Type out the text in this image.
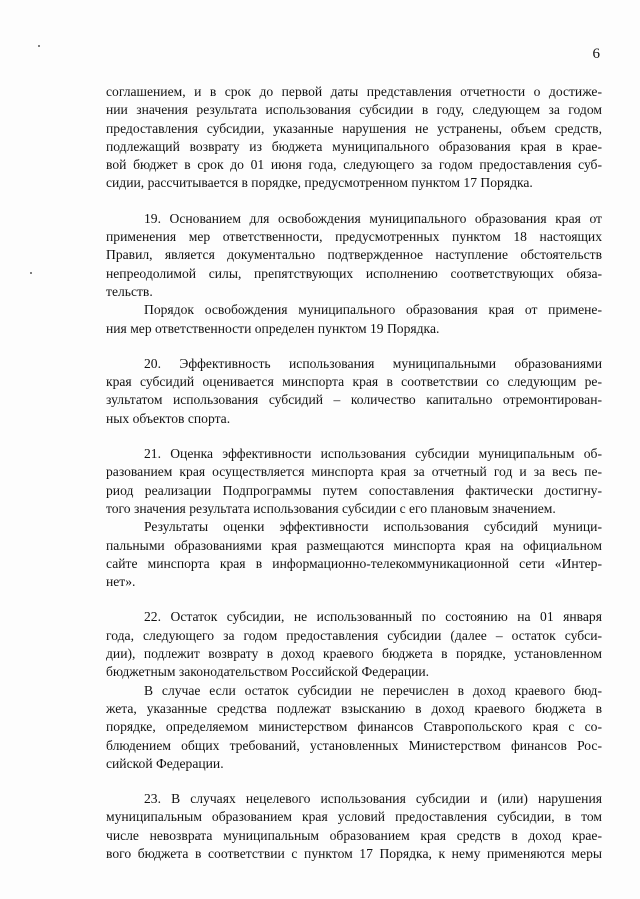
6
соглашением, и в срок до первой даты представления отчетности о достиже-
нии значения результата использования субсидии в году, следующем за годом
предоставления субсидии, указанные нарушения не устранены, объем средств,
подлежащий возврату из бюджета муниципального образования края в крае-
вой бюджет в срок до 01 июня года, следующего за годом предоставления суб-
сидии, рассчитывается в порядке, предусмотренном пунктом 17 Порядка.
19. Основанием для освобождения муниципального образования края от
применения мер ответственности, предусмотренных пунктом 18 настоящих
Правил, является документально подтвержденное наступление обстоятельств
непреодолимой силы, препятствующих исполнению соответствующих обяза-
тельств.
Порядок освобождения муниципального образования края от примене-
ния мер ответственности определен пунктом 19 Порядка.
20. Эффективность использования муниципальными образованиями
края субсидий оценивается минспорта края в соответствии со следующим ре-
зультатом использования субсидий – количество капитально отремонтирован-
ных объектов спорта.
21. Оценка эффективности использования субсидии муниципальным об-
разованием края осуществляется минспорта края за отчетный год и за весь пе-
риод реализации Подпрограммы путем сопоставления фактически достигну-
того значения результата использования субсидии с его плановым значением.
Результаты оценки эффективности использования субсидий муници-
пальными образованиями края размещаются минспорта края на официальном
сайте минспорта края в информационно-телекоммуникационной сети «Интер-
нет».
22. Остаток субсидии, не использованный по состоянию на 01 января
года, следующего за годом предоставления субсидии (далее – остаток субси-
дии), подлежит возврату в доход краевого бюджета в порядке, установленном
бюджетным законодательством Российской Федерации.
В случае если остаток субсидии не перечислен в доход краевого бюд-
жета, указанные средства подлежат взысканию в доход краевого бюджета в
порядке, определяемом министерством финансов Ставропольского края с со-
блюдением общих требований, установленных Министерством финансов Рос-
сийской Федерации.
23. В случаях нецелевого использования субсидии и (или) нарушения
муниципальным образованием края условий предоставления субсидии, в том
числе невозврата муниципальным образованием края средств в доход крае-
вого бюджета в соответствии с пунктом 17 Порядка, к нему применяются меры
